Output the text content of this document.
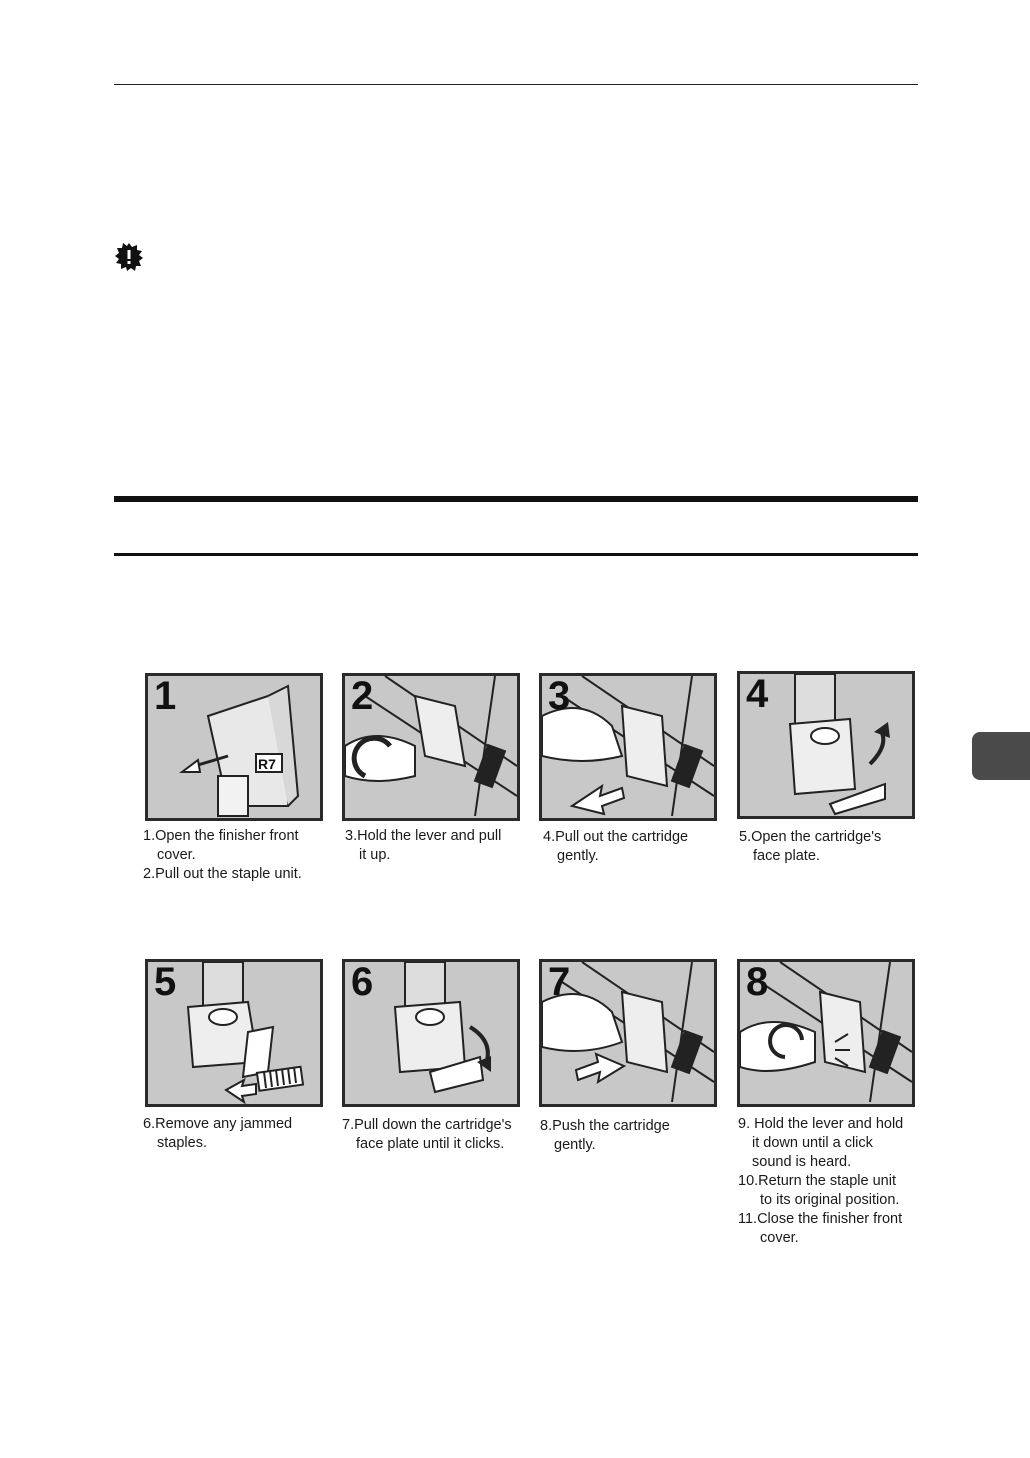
R7
1	2	3	4
1.Open the finisher front
cover.
2.Pull out the staple unit.
3.Hold the lever and pull
it up.
4.Pull out the cartridge
gently.
5.Open the cartridge's
face plate.
5	6	7	8
6.Remove any jammed
staples.
7.Pull down the cartridge's
face plate until it clicks.
8.Push the cartridge
gently.
9. Hold the lever and hold
it down until a click
sound is heard.
10.Return the staple unit
to its original position.
11.Close the finisher front
cover.
